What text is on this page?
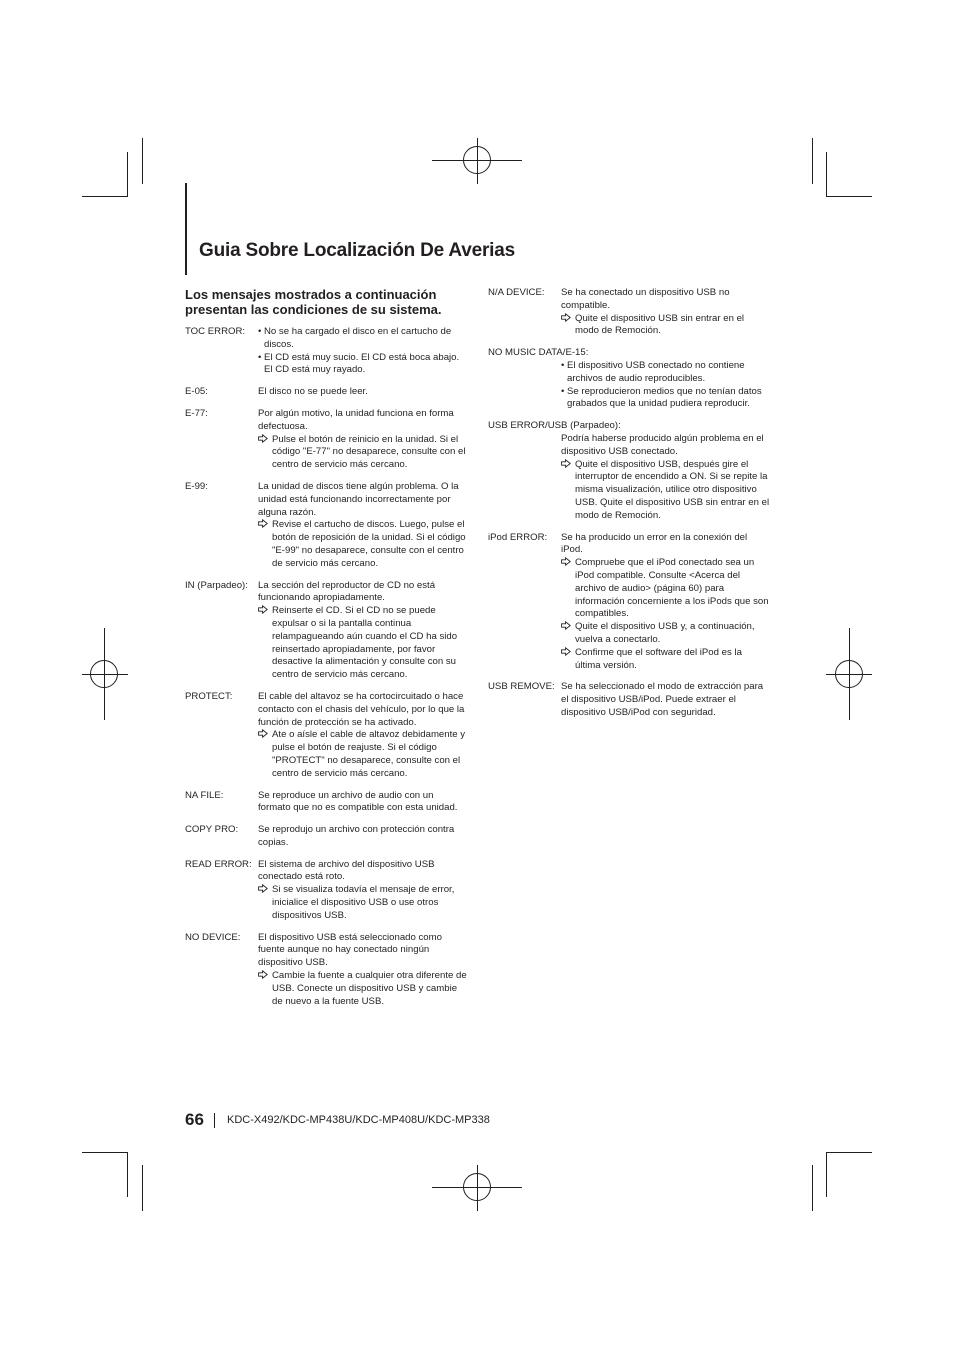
Guia Sobre Localización De Averias

Los mensajes mostrados a continuación presentan las condiciones de su sistema.

TOC ERROR:

•	No se ha cargado el disco en el cartucho de discos.

• El CD está muy sucio. El CD está boca abajo. El CD está muy rayado.

E-05:	El disco no se puede leer.

E-77:	Por algún motivo, la unidad funciona en forma defectuosa.

Pulse el botón de reinicio en la unidad. Si el código "E-77" no desaparece, consulte con el centro de servicio más cercano.

E-99:	La unidad de discos tiene algún problema. O la unidad está funcionando incorrectamente por alguna razón.

Revise el cartucho de discos. Luego, pulse el botón de reposición de la unidad. Si el código "E-99" no desaparece, consulte con el centro de servicio más cercano.

IN (Parpadeo): La sección del reproductor de CD no está funcionando apropiadamente.

Reinserte el CD. Si el CD no se puede expulsar o si la pantalla continua relampagueando aún cuando el CD ha sido reinsertado apropiadamente, por favor desactive la alimentación y consulte con su centro de servicio más cercano.

PROTECT:	El cable del altavoz se ha cortocircuitado o hace contacto con el chasis del vehículo, por lo que la función de protección se ha activado.

Ate o aísle el cable de altavoz debidamente y pulse el botón de reajuste. Si el código "PROTECT" no desaparece, consulte con el centro de servicio más cercano.

NA FILE:	Se reproduce un archivo de audio con un formato que no es compatible con esta unidad.

COPY PRO: Se reprodujo un archivo con protección contra copias.

READ ERROR: El sistema de archivo del dispositivo USB conectado está roto.

Si se visualiza todavía el mensaje de error, inicialice el dispositivo USB o use otros dispositivos USB.

NO DEVICE: El dispositivo USB está seleccionado como fuente aunque no hay conectado ningún dispositivo USB.

Cambie la fuente a cualquier otra diferente de USB. Conecte un dispositivo USB y cambie de nuevo a la fuente USB.

N/A DEVICE: Se ha conectado un dispositivo USB no compatible.

Quite el dispositivo USB sin entrar en el modo de Remoción.

NO MUSIC DATA/E-15:

• El dispositivo USB conectado no contiene archivos de audio reproducibles.

• Se reproducieron medios que no tenían datos grabados que la unidad pudiera reproducir.

USB ERROR/USB (Parpadeo):

Podría haberse producido algún problema en el dispositivo USB conectado.

Quite el dispositivo USB, después gire el interruptor de encendido a ON. Si se repite la misma visualización, utilice otro dispositivo USB. Quite el dispositivo USB sin entrar en el modo de Remoción.

iPod ERROR: Se ha producido un error en la conexión del iPod.

Compruebe que el iPod conectado sea un iPod compatible. Consulte <Acerca del archivo de audio> (página 60) para información concerniente a los iPods que son compatibles.

Quite el dispositivo USB y, a continuación, vuelva a conectarlo.

Confirme que el software del iPod es la última versión.

USB REMOVE: Se ha seleccionado el modo de extracción para el dispositivo USB/iPod. Puede extraer el dispositivo USB/iPod con seguridad.

66 KDC-X492/KDC-MP438U/KDC-MP408U/KDC-MP338
